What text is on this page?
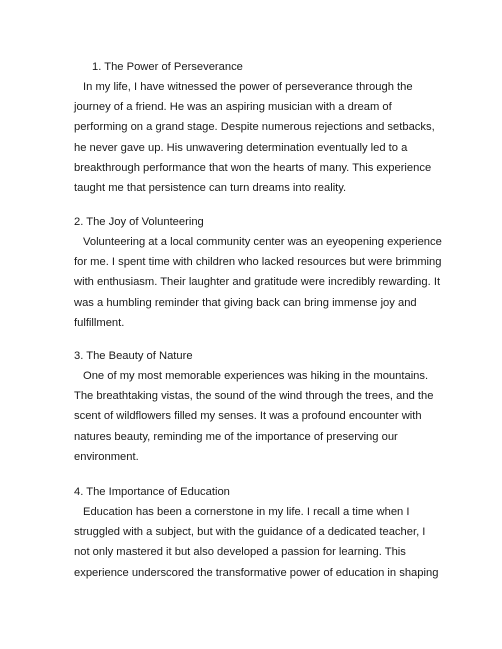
1. The Power of Perseverance

In my life, I have witnessed the power of perseverance through the journey of a friend. He was an aspiring musician with a dream of performing on a grand stage. Despite numerous rejections and setbacks, he never gave up. His unwavering determination eventually led to a breakthrough performance that won the hearts of many. This experience taught me that persistence can turn dreams into reality.

2. The Joy of Volunteering

Volunteering at a local community center was an eyeopening experience for me. I spent time with children who lacked resources but were brimming with enthusiasm. Their laughter and gratitude were incredibly rewarding. It was a humbling reminder that giving back can bring immense joy and fulfillment.

3. The Beauty of Nature

One of my most memorable experiences was hiking in the mountains. The breathtaking vistas, the sound of the wind through the trees, and the scent of wildflowers filled my senses. It was a profound encounter with natures beauty, reminding me of the importance of preserving our environment.

4. The Importance of Education

Education has been a cornerstone in my life. I recall a time when I struggled with a subject, but with the guidance of a dedicated teacher, I not only mastered it but also developed a passion for learning. This experience underscored the transformative power of education in shaping
